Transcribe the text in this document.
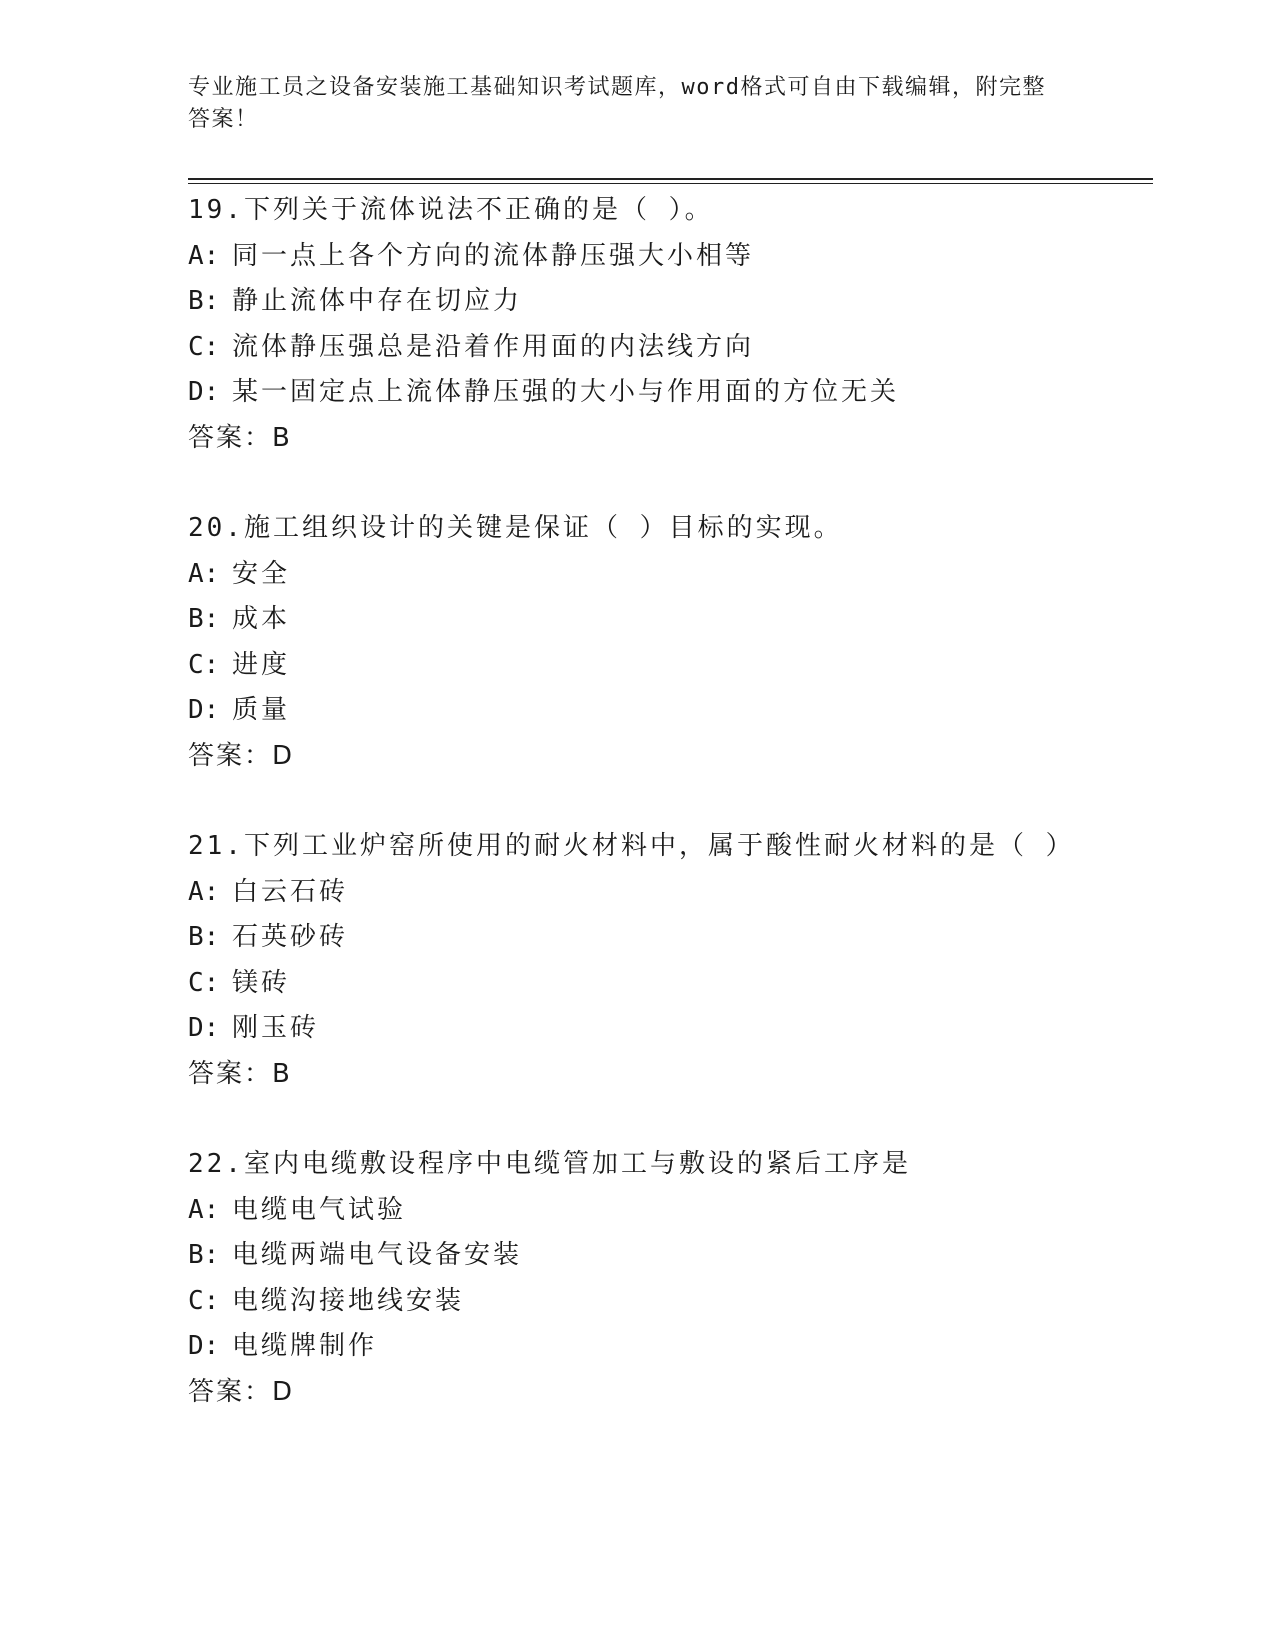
专业施工员之设备安装施工基础知识考试题库，word格式可自由下载编辑，附完整答案！
19.下列关于流体说法不正确的是（ ）。
A: 同一点上各个方向的流体静压强大小相等
B: 静止流体中存在切应力
C: 流体静压强总是沿着作用面的内法线方向
D: 某一固定点上流体静压强的大小与作用面的方位无关
答案：B
20.施工组织设计的关键是保证（ ）目标的实现。
A: 安全
B: 成本
C: 进度
D: 质量
答案：D
21.下列工业炉窑所使用的耐火材料中，属于酸性耐火材料的是（ ）
A: 白云石砖
B: 石英砂砖
C: 镁砖
D: 刚玉砖
答案：B
22.室内电缆敷设程序中电缆管加工与敷设的紧后工序是
A: 电缆电气试验
B: 电缆两端电气设备安装
C: 电缆沟接地线安装
D: 电缆牌制作
答案：D
